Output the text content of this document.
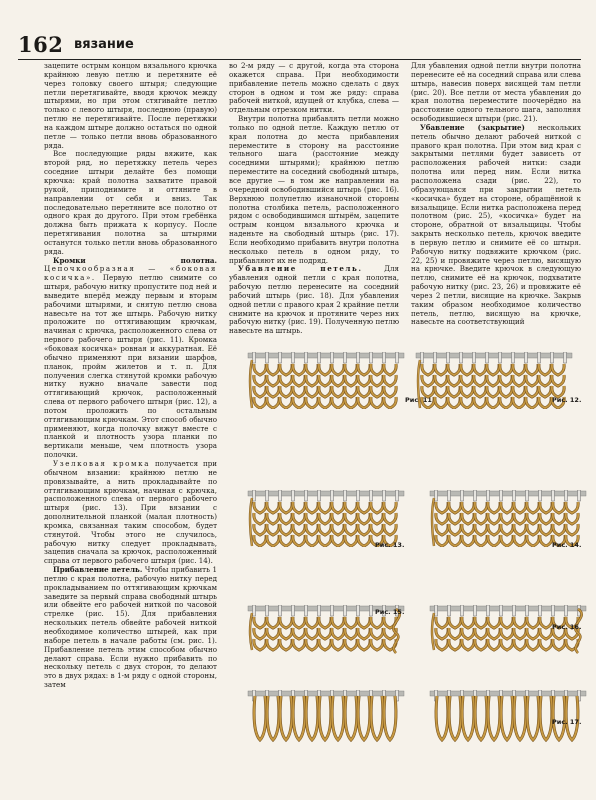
162 вязание

зацепите острым концом вязального крючка крайнюю левую петлю и перетяните её через головку своего штыря; следующие петли перетягивайте, вводя крючок между штырями, но при этом стягивайте петлю только с левого штыря, последнюю (правую) петлю не перетягивайте. После перетяжки на каждом штыре должно остаться по одной петле — только петли вновь образованного ряда.

Все последующие ряды вяжите, как второй ряд, но перетяжку петель через соседние штыри делайте без помощи крючка: край полотна захватите правой рукой, приподнимите и оттяните в направлении от себя и вниз. Так последовательно перетяните все полотно от одного края до другого. При этом гребёнка должна быть прижата к корпусу. После перетягивания полотна за штырями останутся только петли вновь образованного ряда.

Кромки полотна. Цепочкообразная — «боковая косичка». Первую петлю снимите со штыря, рабочую нитку пропустите под ней и выведите вперёд между первым и вторым рабочими штырями, и снятую петлю снова навесьте на тот же штырь. Рабочую нитку проложите по оттягивающим крючкам, начиная с крючка, расположенного слева от первого рабочего штыря (рис. 11). Кромка «боковая косичка» ровная и аккуратная. Её обычно применяют при вязании шарфов, планок, пройм жилетов и т. п. Для получения слегка стянутой кромки рабочую нитку нужно вначале завести под оттягивающий крючок, расположенный слева от первого рабочего штыря (рис. 12), а потом проложить по остальным оттягивающим крючкам. Этот способ обычно применяют, когда полочку вяжут вместе с планкой и плотность узора планки по вертикали меньше, чем плотность узора полочки.

Узелковая кромка получается при обычном вязании: крайнюю петлю не провязывайте, а нить прокладывайте по оттягивающим крючкам, начиная с крючка, расположенного слева от первого рабочего штыря (рис. 13). При вязании с дополнительной планкой (малая плотность) кромка, связанная таким способом, будет стянутой. Чтобы этого не случилось, рабочую нитку следует прокладывать, зацепив сначала за крючок, расположенный справа от первого рабочего штыря (рис. 14).

Прибавление петель. Чтобы прибавить 1 петлю с края полотна, рабочую нитку перед прокладыванием по оттягивающим крючкам заведите за первый справа свободный штырь или обвейте его рабочей ниткой по часовой стрелке (рис. 15). Для прибавления нескольких петель обвейте рабочей ниткой необходимое количество штырей, как при наборе петель в начале работы (см. рис. 1). Прибавление петель этим способом обычно делают справа. Если нужно прибавить по нескольку петель с двух сторон, то делают это в двух рядах: в 1-м ряду с одной стороны, затем

во 2-м ряду — с другой, когда эта сторона окажется справа. При необходимости прибавление петель можно сделать с двух сторон в одном и том же ряду: справа рабочей ниткой, идущей от клубка, слева — отдельным отрезком нитки.

Внутри полотна прибавлять петли можно только по одной петле. Каждую петлю от края полотна до места прибавления переместите в сторону на расстояние тельного шага (расстояние между соседними штырями); крайнюю петлю переместите на соседний свободный штырь, все другие — в том же направлении на очередной освободившийся штырь (рис. 16). Верхнюю полупетлю изнаночной стороны полотна столбика петель, расположенного рядом с освободившимся штырём, зацепите острым концом вязального крючка и наденьте на свободный штырь (рис. 17). Если необходимо прибавить внутри полотна несколько петель в одном ряду, то прибавляют их не подряд.

Убавление петель.	Для убавления одной петли с края полотна, рабочую петлю перенесите на соседний рабочий штырь (рис. 18). Для убавления одной петли с правого края 2 крайние петли снимите на крючок и протяните через них рабочую нитку (рис. 19). Полученную петлю навесьте на штырь.

Для убавления одной петли внутри полотна перенесите её на соседний справа или слева штырь, навесив поверх висящей там петли (рис. 20). Все петли от места убавления до края полотна переместите поочерёдно на расстояние одного тельного шага, заполняя освободившиеся штыри (рис. 21).

Убавление (закрытие) нескольких петель обычно делают рабочей ниткой с правого края полотна. При этом вид края с закрытыми петлями будет зависеть от расположения рабочей нитки: сзади полотна или перед ним. Если нитка расположена сзади (рис. 22), то образующаяся при закрытии петель «косичка» будет на стороне, обращённой к вязальщице. Если нитка расположена перед полотном (рис. 25), «косичка» будет на стороне, обратной от вязальщицы. Чтобы закрыть несколько петель, крючок введите в первую петлю и снимите её со штыря. Рабочую нитку подвяжите крючком (рис. 22, 25) и провяжите через петлю, висящую на крючке. Введите крючок в следующую петлю, снимите её на крючок, подхватите рабочую нитку (рис. 23, 26) и провяжите её через 2 петли, висящие на крючке. Закрыв таким образом необходимое количество петель, петлю, висящую на крючке, навесьте на соответствующий

Рис. 11.	Рис. 12.
Рис. 13.	Рис. 14.
Рис. 15.
Рис. 16.
Рис. 17.
